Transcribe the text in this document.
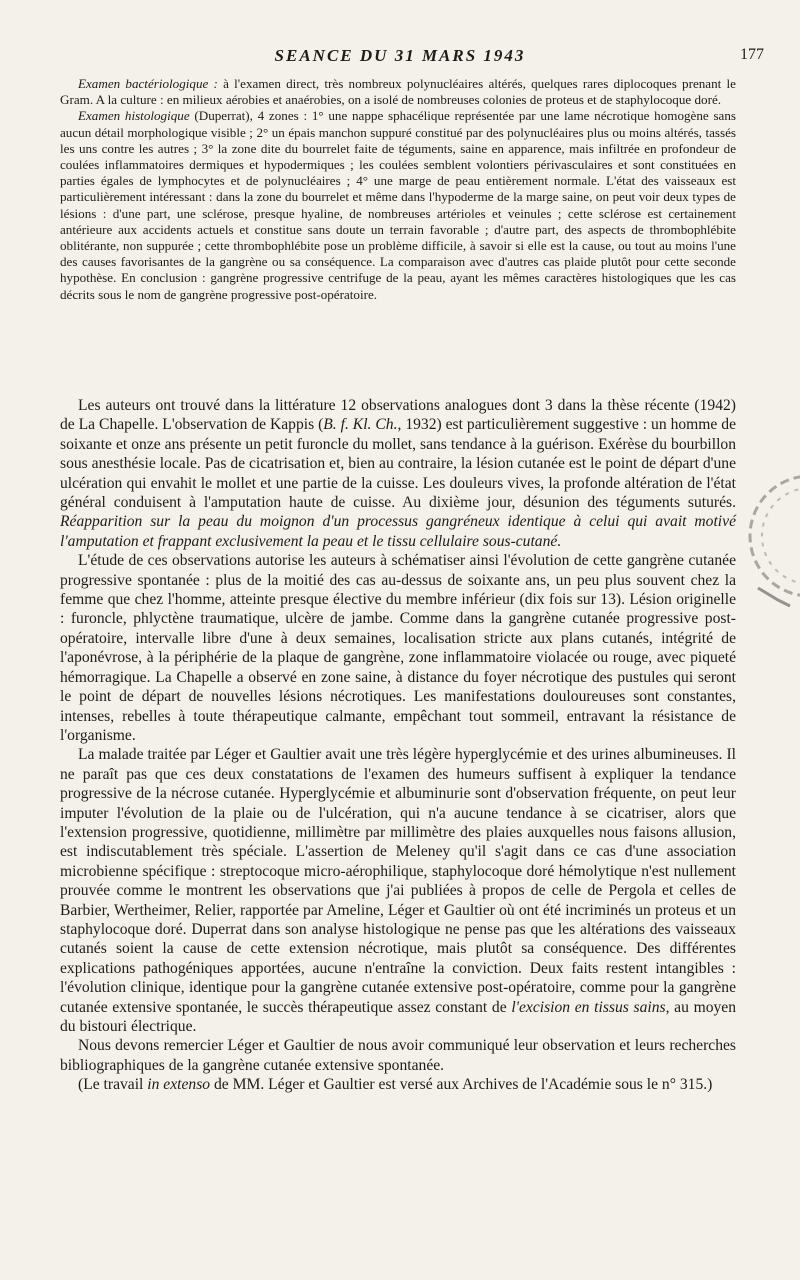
SEANCE DU 31 MARS 1943	177

Examen bactériologique : à l'examen direct, très nombreux polynucléaires altérés, quelques rares diplocoques prenant le Gram. A la culture : en milieux aérobies et anaérobies, on a isolé de nombreuses colonies de proteus et de staphylocoque doré.

Examen histologique (Duperrat), 4 zones : 1° une nappe sphacélique représentée par une lame nécrotique homogène sans aucun détail morphologique visible ; 2° un épais manchon suppuré constitué par des polynucléaires plus ou moins altérés, tassés les uns contre les autres ; 3° la zone dite du bourrelet faite de téguments, saine en apparence, mais infiltrée en profondeur de coulées inflammatoires dermiques et hypodermiques ; les coulées semblent volontiers périvasculaires et sont constituées en parties égales de lymphocytes et de polynucléaires ; 4° une marge de peau entièrement normale. L'état des vaisseaux est particulièrement intéressant : dans la zone du bourrelet et même dans l'hypoderme de la marge saine, on peut voir deux types de lésions : d'une part, une sclérose, presque hyaline, de nombreuses artérioles et veinules ; cette sclérose est certainement antérieure aux accidents actuels et constitue sans doute un terrain favorable ; d'autre part, des aspects de thrombophlébite oblitérante, non suppurée ; cette thrombophlébite pose un problème difficile, à savoir si elle est la cause, ou tout au moins l'une des causes favorisantes de la gangrène ou sa conséquence. La comparaison avec d'autres cas plaide plutôt pour cette seconde hypothèse. En conclusion : gangrène progressive centrifuge de la peau, ayant les mêmes caractères histologiques que les cas décrits sous le nom de gangrène progressive post-opératoire.

Les auteurs ont trouvé dans la littérature 12 observations analogues dont 3 dans la thèse récente (1942) de La Chapelle. L'observation de Kappis (B. f. Kl. Ch., 1932) est particulièrement suggestive : un homme de soixante et onze ans présente un petit furoncle du mollet, sans tendance à la guérison. Exérèse du bourbillon sous anesthésie locale. Pas de cicatrisation et, bien au contraire, la lésion cutanée est le point de départ d'une ulcération qui envahit le mollet et une partie de la cuisse. Les douleurs vives, la profonde altération de l'état général conduisent à l'amputation haute de cuisse. Au dixième jour, désunion des téguments suturés. Réapparition sur la peau du moignon d'un processus gangréneux identique à celui qui avait motivé l'amputation et frappant exclusivement la peau et le tissu cellulaire sous-cutané.

L'étude de ces observations autorise les auteurs à schématiser ainsi l'évolution de cette gangrène cutanée progressive spontanée : plus de la moitié des cas au-dessus de soixante ans, un peu plus souvent chez la femme que chez l'homme, atteinte presque élective du membre inférieur (dix fois sur 13). Lésion originelle : furoncle, phlyctène traumatique, ulcère de jambe. Comme dans la gangrène cutanée progressive post-opératoire, intervalle libre d'une à deux semaines, localisation stricte aux plans cutanés, intégrité de l'aponévrose, à la périphérie de la plaque de gangrène, zone inflammatoire violacée ou rouge, avec piqueté hémorragique. La Chapelle a observé en zone saine, à distance du foyer nécrotique des pustules qui seront le point de départ de nouvelles lésions nécrotiques. Les manifestations douloureuses sont constantes, intenses, rebelles à toute thérapeutique calmante, empêchant tout sommeil, entravant la résistance de l'organisme.

La malade traitée par Léger et Gaultier avait une très légère hyperglycémie et des urines albumineuses. Il ne paraît pas que ces deux constatations de l'examen des humeurs suffisent à expliquer la tendance progressive de la nécrose cutanée. Hyperglycémie et albuminurie sont d'observation fréquente, on peut leur imputer l'évolution de la plaie ou de l'ulcération, qui n'a aucune tendance à se cicatriser, alors que l'extension progressive, quotidienne, millimètre par millimètre des plaies auxquelles nous faisons allusion, est indiscutablement très spéciale. L'assertion de Meleney qu'il s'agit dans ce cas d'une association microbienne spécifique : streptocoque micro-aérophilique, staphylocoque doré hémolytique n'est nullement prouvée comme le montrent les observations que j'ai publiées à propos de celle de Pergola et celles de Barbier, Wertheimer, Relier, rapportée par Ameline, Léger et Gaultier où ont été incriminés un proteus et un staphylocoque doré. Duperrat dans son analyse histologique ne pense pas que les altérations des vaisseaux cutanés soient la cause de cette extension nécrotique, mais plutôt sa conséquence. Des différentes explications pathogéniques apportées, aucune n'entraîne la conviction. Deux faits restent intangibles : l'évolution clinique, identique pour la gangrène cutanée extensive post-opératoire, comme pour la gangrène cutanée extensive spontanée, le succès thérapeutique assez constant de l'excision en tissus sains, au moyen du bistouri électrique.

Nous devons remercier Léger et Gaultier de nous avoir communiqué leur observation et leurs recherches bibliographiques de la gangrène cutanée extensive spontanée.

(Le travail in extenso de MM. Léger et Gaultier est versé aux Archives de l'Académie sous le n° 315.)
